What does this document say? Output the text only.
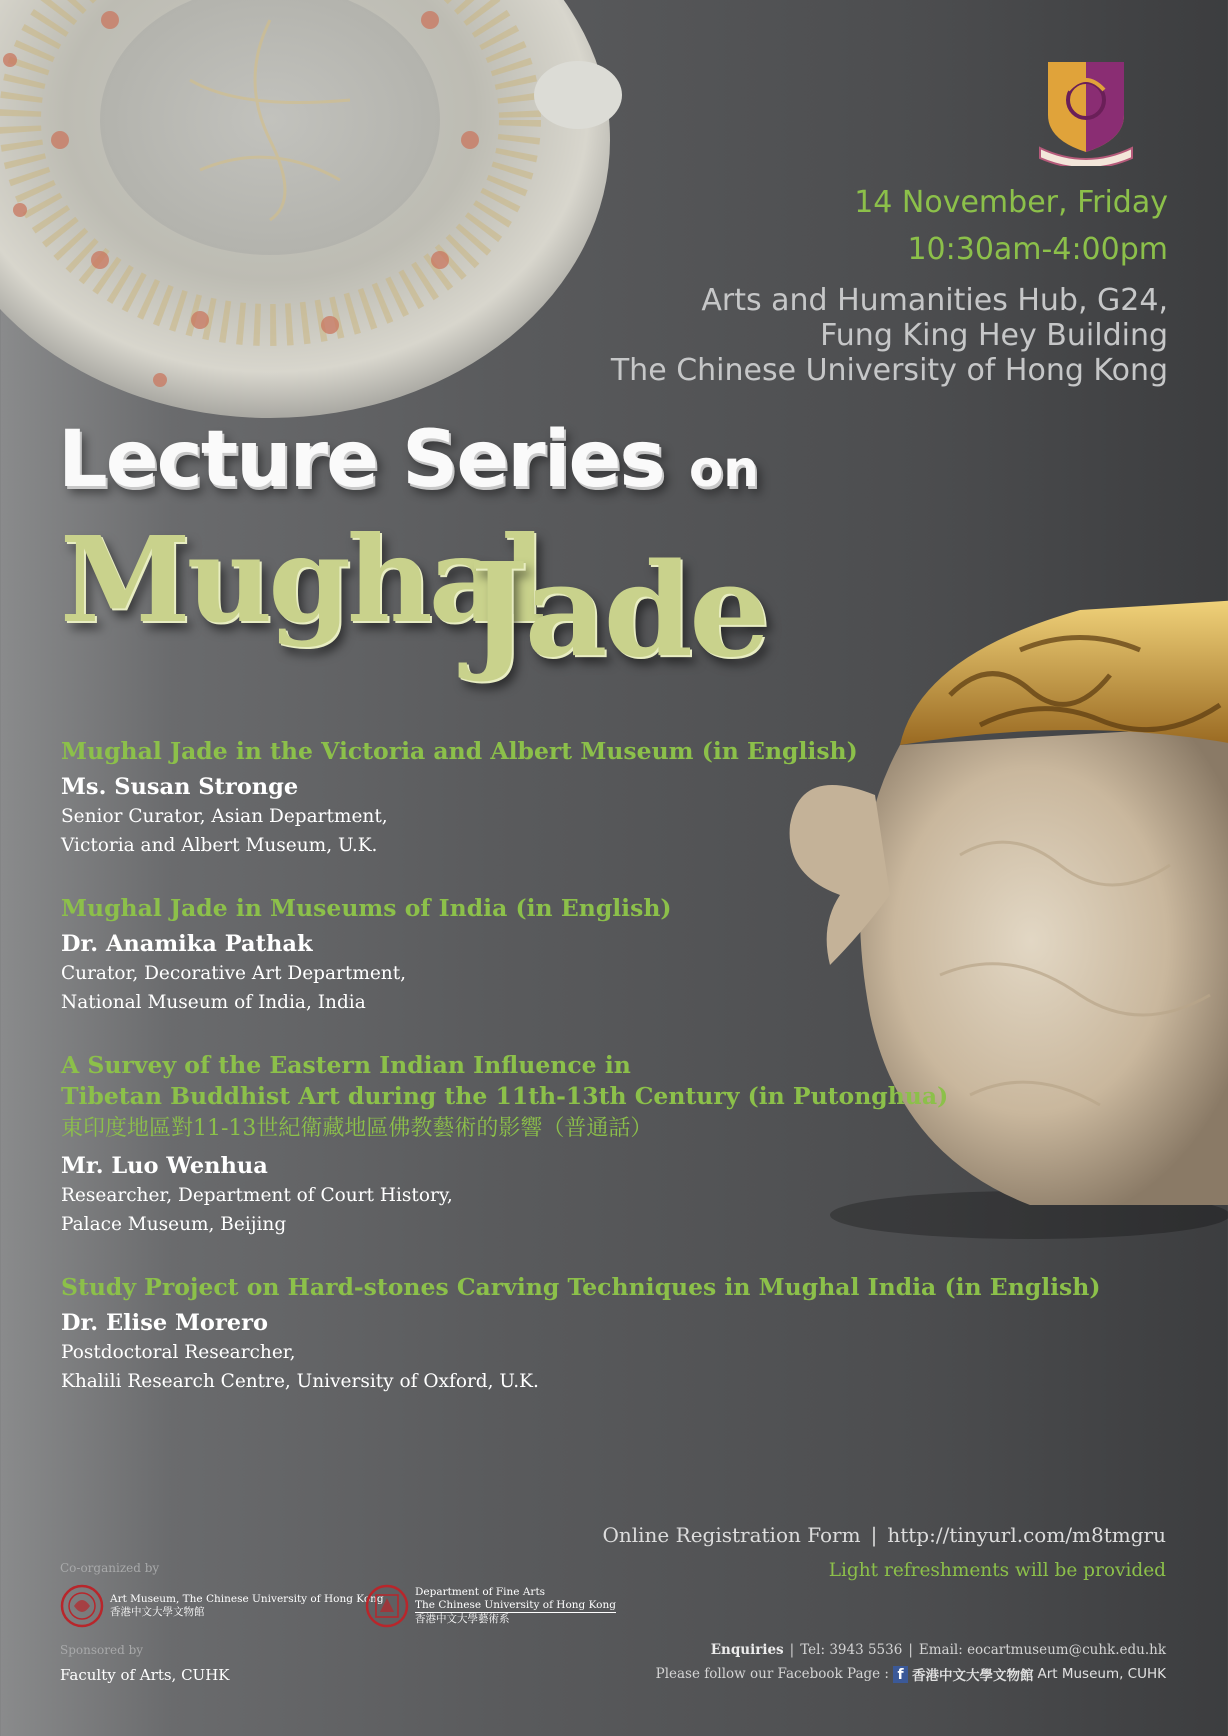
14 November, Friday

10:30am-4:00pm

Arts and Humanities Hub, G24,

Fung King Hey Building

The Chinese University of Hong Kong

Lecture Series on
Mughal
Jade
Mughal Jade in the Victoria and Albert Museum (in English)
Ms. Susan Stronge
Senior Curator, Asian Department,
Victoria and Albert Museum, U.K.
Mughal Jade in Museums of India (in English)
Dr. Anamika Pathak
Curator, Decorative Art Department,
National Museum of India, India
A Survey of the Eastern Indian Influence in
Tibetan Buddhist Art during the 11th-13th Century (in Putonghua)
東印度地區對11-13世紀衛藏地區佛教藝術的影響（普通話）
Mr. Luo Wenhua
Researcher, Department of Court History,
Palace Museum, Beijing
Study Project on Hard-stones Carving Techniques in Mughal India (in English)
Dr. Elise Morero
Postdoctoral Researcher,
Khalili Research Centre, University of Oxford, U.K.

Online Registration Form | http://tinyurl.com/m8tmgru

Light refreshments will be provided

Co-organized by

Art Museum, The Chinese University of Hong Kong
香港中文大學文物館
Department of Fine Arts
The Chinese University of Hong Kong
香港中文大學藝術系

Sponsored by

Faculty of Arts, CUHK

Enquiries | Tel: 3943 5536 | Email: eocartmuseum@cuhk.edu.hk

Please follow our Facebook Page : f 香港中文大學文物館 Art Museum, CUHK
